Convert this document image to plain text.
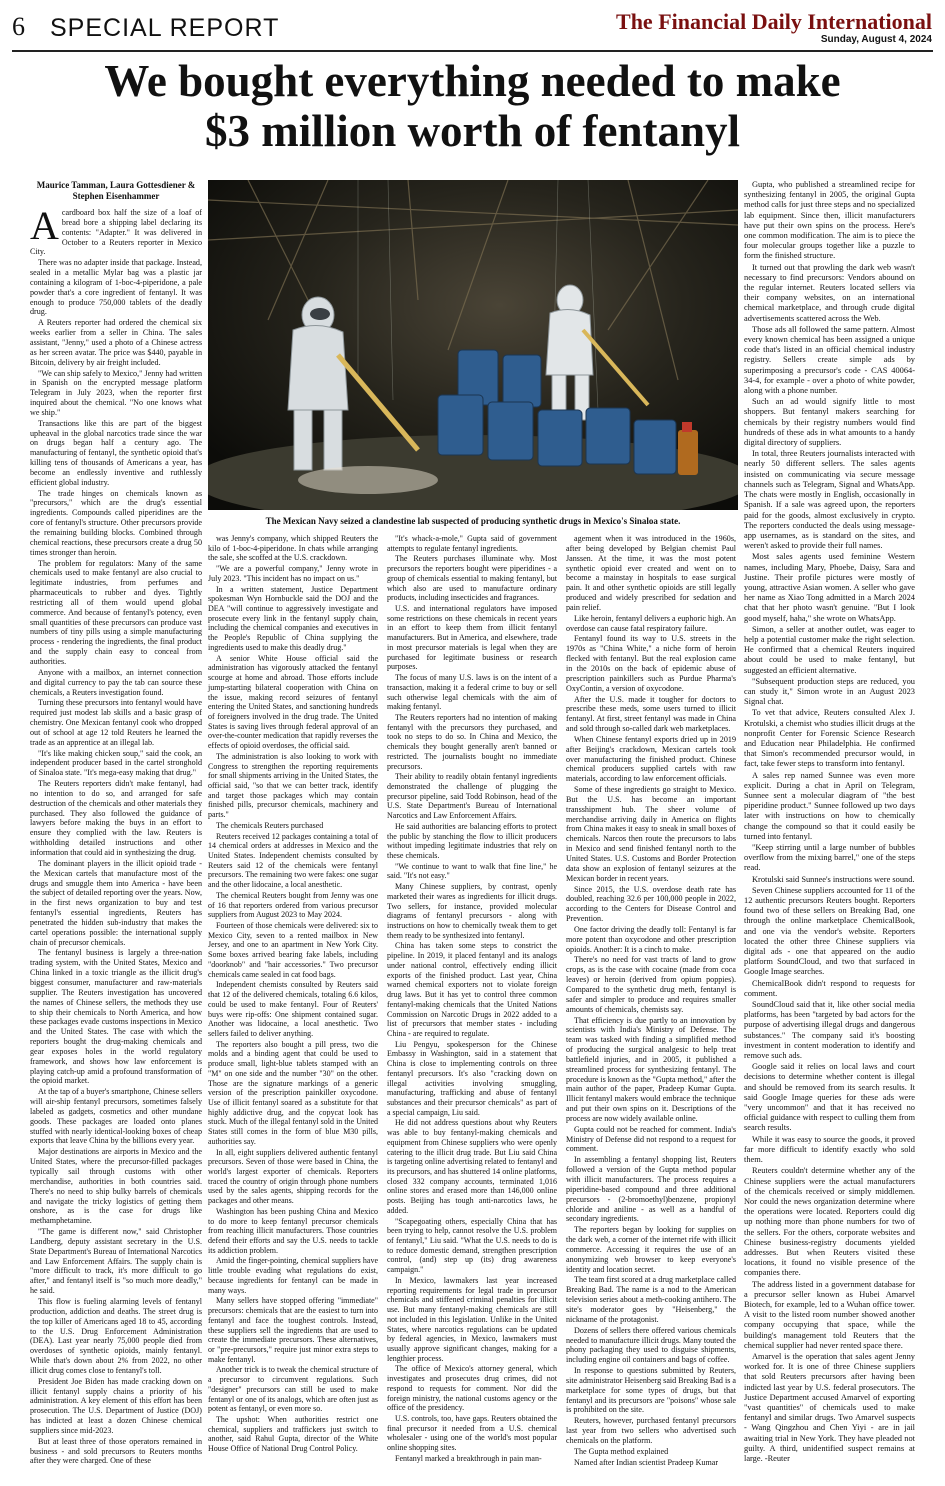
6 SPECIAL REPORT	The Financial Daily International
Sunday, August 4, 2024
We bought everything needed to make
$3 million worth of fentanyl
Maurice Tamman, Laura Gottesdiener & Stephen Eisenhammer
A cardboard box half the size of a loaf of bread bore a shipping label declaring its contents: "Adapter." It was delivered in October to a Reuters reporter in Mexico City.

There was no adapter inside that package. Instead, sealed in a metallic Mylar bag was a plastic jar containing a kilogram of 1-boc-4-piperidone, a pale powder that's a core ingredient of fentanyl. It was enough to produce 750,000 tablets of the deadly drug.

A Reuters reporter had ordered the chemical six weeks earlier from a seller in China. The sales assistant, "Jenny," used a photo of a Chinese actress as her screen avatar. The price was $440, payable in Bitcoin, delivery by air freight included.

"We can ship safely to Mexico," Jenny had written in Spanish on the encrypted message platform Telegram in July 2023, when the reporter first inquired about the chemical. "No one knows what we ship."

Transactions like this are part of the biggest upheaval in the global narcotics trade since the war on drugs began half a century ago. The manufacturing of fentanyl, the synthetic opioid that's killing tens of thousands of Americans a year, has become an endlessly inventive and ruthlessly efficient global industry.

The trade hinges on chemicals known as "precursors," which are the drug's essential ingredients. Compounds called piperidines are the core of fentanyl's structure. Other precursors provide the remaining building blocks. Combined through chemical reactions, these precursors create a drug 50 times stronger than heroin.

The problem for regulators: Many of the same chemicals used to make fentanyl are also crucial to legitimate industries, from perfumes and pharmaceuticals to rubber and dyes. Tightly restricting all of them would upend global commerce. And because of fentanyl's potency, even small quantities of these precursors can produce vast numbers of tiny pills using a simple manufacturing process - rendering the ingredients, the final product and the supply chain easy to conceal from authorities.

Anyone with a mailbox, an internet connection and digital currency to pay the tab can source these chemicals, a Reuters investigation found.

Turning these precursors into fentanyl would have required just modest lab skills and a basic grasp of chemistry. One Mexican fentanyl cook who dropped out of school at age 12 told Reuters he learned the trade as an apprentice at an illegal lab.

"It's like making chicken soup," said the cook, an independent producer based in the cartel stronghold of Sinaloa state. "It's mega-easy making that drug."

The Reuters reporters didn't make fentanyl, had no intention to do so, and arranged for safe destruction of the chemicals and other materials they purchased. They also followed the guidance of lawyers before making the buys in an effort to ensure they complied with the law. Reuters is withholding detailed instructions and other information that could aid in synthesizing the drug.

The dominant players in the illicit opioid trade - the Mexican cartels that manufacture most of the drugs and smuggle them into America - have been the subject of detailed reporting over the years. Now, in the first news organization to buy and test fentanyl's essential ingredients, Reuters has penetrated the hidden sub-industry that makes the cartel operations possible: the international supply chain of precursor chemicals.

The fentanyl business is largely a three-nation trading system, with the United States, Mexico and China linked in a toxic triangle as the illicit drug's biggest consumer, manufacturer and raw-materials supplier. The Reuters investigation has uncovered the names of Chinese sellers, the methods they use to ship their chemicals to North America, and how these packages evade customs inspections in Mexico and the United States. The case with which the reporters bought the drug-making chemicals and gear exposes holes in the world regulatory framework, and shows how law enforcement is playing catch-up amid a profound transformation of the opioid market.

At the tap of a buyer's smartphone, Chinese sellers will air-ship fentanyl precursors, sometimes falsely labeled as gadgets, cosmetics and other mundane goods. These packages are loaded onto planes stuffed with nearly identical-looking boxes of cheap exports that leave China by the billions every year.

Major destinations are airports in Mexico and the United States, where the precursor-filled packages typically sail through customs with other merchandise, authorities in both countries said. There's no need to ship bulky barrels of chemicals and navigate the tricky logistics of getting them onshore, as is the case for drugs like methamphetamine.

"The game is different now," said Christopher Landberg, deputy assistant secretary in the U.S. State Department's Bureau of International Narcotics and Law Enforcement Affairs. The supply chain is "more difficult to track, it's more difficult to go after," and fentanyl itself is "so much more deadly," he said.

This flow is fueling alarming levels of fentanyl production, addiction and deaths. The street drug is the top killer of Americans aged 18 to 45, according to the U.S. Drug Enforcement Administration (DEA). Last year nearly 75,000 people died from overdoses of synthetic opioids, mainly fentanyl. While that's down about 2% from 2022, no other illicit drug comes close to fentanyl's toll.

President Joe Biden has made cracking down on illicit fentanyl supply chains a priority of his administration. A key element of this effort has been prosecution. The U.S. Department of Justice (DOJ) has indicted at least a dozen Chinese chemical suppliers since mid-2023.

But at least three of those operators remained in business - and sold precursors to Reuters months after they were charged. One of these

The Mexican Navy seized a clandestine lab suspected of producing synthetic drugs in Mexico's Sinaloa state.

was Jenny's company, which shipped Reuters the kilo of 1-boc-4-piperidone. In chats while arranging the sale, she scoffed at the U.S. crackdown.

"We are a powerful company," Jenny wrote in July 2023. "This incident has no impact on us."

In a written statement, Justice Department spokesman Wyn Hornbuckle said the DOJ and the DEA "will continue to aggressively investigate and prosecute every link in the fentanyl supply chain, including the chemical companies and executives in the People's Republic of China supplying the ingredients used to make this deadly drug."

A senior White House official said the administration has vigorously attacked the fentanyl scourge at home and abroad. Those efforts include jump-starting bilateral cooperation with China on the issue, making record seizures of fentanyl entering the United States, and sanctioning hundreds of foreigners involved in the drug trade. The United States is saving lives through federal approval of an over-the-counter medication that rapidly reverses the effects of opioid overdoses, the official said.

The administration is also looking to work with Congress to strengthen the reporting requirements for small shipments arriving in the United States, the official said, "so that we can better track, identify and target those packages which may contain finished pills, precursor chemicals, machinery and parts."

The chemicals Reuters purchased

Reuters received 12 packages containing a total of 14 chemical orders at addresses in Mexico and the United States. Independent chemists consulted by Reuters said 12 of the chemicals were fentanyl precursors. The remaining two were fakes: one sugar and the other lidocaine, a local anesthetic.

The chemical Reuters bought from Jenny was one of 16 that reporters ordered from various precursor suppliers from August 2023 to May 2024.

Fourteen of those chemicals were delivered: six to Mexico City, seven to a rented mailbox in New Jersey, and one to an apartment in New York City. Some boxes arrived bearing fake labels, including "doorknob" and "hair accessories." Two precursor chemicals came sealed in cat food bags.

Independent chemists consulted by Reuters said that 12 of the delivered chemicals, totaling 6.6 kilos, could be used to make fentanyl. Four of Reuters' buys were rip-offs: One shipment contained sugar. Another was lidocaine, a local anesthetic. Two sellers failed to deliver anything.

The reporters also bought a pill press, two die molds and a binding agent that could be used to produce small, light-blue tablets stamped with an "M" on one side and the number "30" on the other. Those are the signature markings of a generic version of the prescription painkiller oxycodone. Use of illicit fentanyl soared as a substitute for that highly addictive drug, and the copycat look has stuck. Much of the illegal fentanyl sold in the United States still comes in the form of blue M30 pills, authorities say.

In all, eight suppliers delivered authentic fentanyl precursors. Seven of those were based in China, the world's largest exporter of chemicals. Reporters traced the country of origin through phone numbers used by the sales agents, shipping records for the packages and other means.

Washington has been pushing China and Mexico to do more to keep fentanyl precursor chemicals from reaching illicit manufacturers. Those countries defend their efforts and say the U.S. needs to tackle its addiction problem.

Amid the finger-pointing, chemical suppliers have little trouble evading what regulations do exist, because ingredients for fentanyl can be made in many ways.

Many sellers have stopped offering "immediate" precursors: chemicals that are the easiest to turn into fentanyl and face the toughest controls. Instead, these suppliers sell the ingredients that are used to create the immediate precursors. These alternatives, or "pre-precursors," require just minor extra steps to make fentanyl.

Another trick is to tweak the chemical structure of a precursor to circumvent regulations. Such "designer" precursors can still be used to make fentanyl or one of its analogs, which are often just as potent as fentanyl, or even more so.

The upshot: When authorities restrict one chemical, suppliers and traffickers just switch to another, said Rahul Gupta, director of the White House Office of National Drug Control Policy.

"It's whack-a-mole," Gupta said of government attempts to regulate fentanyl ingredients.

The Reuters purchases illuminate why. Most precursors the reporters bought were piperidines - a group of chemicals essential to making fentanyl, but which also are used to manufacture ordinary products, including insecticides and fragrances.

U.S. and international regulators have imposed some restrictions on these chemicals in recent years in an effort to keep them from illicit fentanyl manufacturers. But in America, and elsewhere, trade in most precursor materials is legal when they are purchased for legitimate business or research purposes.

The focus of many U.S. laws is on the intent of a transaction, making it a federal crime to buy or sell such otherwise legal chemicals with the aim of making fentanyl.

The Reuters reporters had no intention of making fentanyl with the precursors they purchased, and took no steps to do so. In China and Mexico, the chemicals they bought generally aren't banned or restricted. The journalists bought no immediate precursors.

Their ability to readily obtain fentanyl ingredients demonstrated the challenge of plugging the precursor pipeline, said Todd Robinson, head of the U.S. State Department's Bureau of International Narcotics and Law Enforcement Affairs.

He said authorities are balancing efforts to protect the public by stanching the flow to illicit producers without impeding legitimate industries that rely on these chemicals.

"We continue to want to walk that fine line," he said. "It's not easy."

Many Chinese suppliers, by contrast, openly marketed their wares as ingredients for illicit drugs. Two sellers, for instance, provided molecular diagrams of fentanyl precursors - along with instructions on how to chemically tweak them to get them ready to be synthesized into fentanyl.

China has taken some steps to constrict the pipeline. In 2019, it placed fentanyl and its analogs under national control, effectively ending illicit exports of the finished product. Last year, China warned chemical exporters not to violate foreign drug laws. But it has yet to control three common fentanyl-making chemicals that the United Nations Commission on Narcotic Drugs in 2022 added to a list of precursors that member states - including China - are required to regulate.

Liu Pengyu, spokesperson for the Chinese Embassy in Washington, said in a statement that China is close to implementing controls on three fentanyl precursors. It's also "cracking down on illegal activities involving smuggling, manufacturing, trafficking and abuse of fentanyl substances and their precursor chemicals" as part of a special campaign, Liu said.

He did not address questions about why Reuters was able to buy fentanyl-making chemicals and equipment from Chinese suppliers who were openly catering to the illicit drug trade. But Liu said China is targeting online advertising related to fentanyl and its precursors, and has shuttered 14 online platforms, closed 332 company accounts, terminated 1,016 online stores and erased more than 146,000 online posts. Beijing has tough anti-narcotics laws, he added.

"Scapegoating others, especially China that has been trying to help, cannot resolve the U.S. problem of fentanyl," Liu said. "What the U.S. needs to do is to reduce domestic demand, strengthen prescription control, (and) step up (its) drug awareness campaign."

In Mexico, lawmakers last year increased reporting requirements for legal trade in precursor chemicals and stiffened criminal penalties for illicit use. But many fentanyl-making chemicals are still not included in this legislation. Unlike in the United States, where narcotics regulations can be updated by federal agencies, in Mexico, lawmakers must usually approve significant changes, making for a lengthier process.

The office of Mexico's attorney general, which investigates and prosecutes drug crimes, did not respond to requests for comment. Nor did the foreign ministry, the national customs agency or the office of the presidency.

U.S. controls, too, have gaps. Reuters obtained the final precursor it needed from a U.S. chemical wholesaler - using one of the world's most popular online shopping sites.

Fentanyl marked a breakthrough in pain man-

agement when it was introduced in the 1960s, after being developed by Belgian chemist Paul Janssen. At the time, it was the most potent synthetic opioid ever created and went on to become a mainstay in hospitals to ease surgical pain. It and other synthetic opioids are still legally produced and widely prescribed for sedation and pain relief.

Like heroin, fentanyl delivers a euphoric high. An overdose can cause fatal respiratory failure.

Fentanyl found its way to U.S. streets in the 1970s as "China White," a niche form of heroin flecked with fentanyl. But the real explosion came in the 2010s on the back of epidemic abuse of prescription painkillers such as Purdue Pharma's OxyContin, a version of oxycodone.

After the U.S. made it tougher for doctors to prescribe these meds, some users turned to illicit fentanyl. At first, street fentanyl was made in China and sold through so-called dark web marketplaces.

When Chinese fentanyl exports dried up in 2019 after Beijing's crackdown, Mexican cartels took over manufacturing the finished product. Chinese chemical producers supplied cartels with raw materials, according to law enforcement officials.

Some of these ingredients go straight to Mexico. But the U.S. has become an important transshipment hub. The sheer volume of merchandise arriving daily in America on flights from China makes it easy to sneak in small boxes of chemicals. Narcos then route the precursors to labs in Mexico and send finished fentanyl north to the United States. U.S. Customs and Border Protection data show an explosion of fentanyl seizures at the Mexican border in recent years.

Since 2015, the U.S. overdose death rate has doubled, reaching 32.6 per 100,000 people in 2022, according to the Centers for Disease Control and Prevention.

One factor driving the deadly toll: Fentanyl is far more potent than oxycodone and other prescription opioids. Another: It is a cinch to make.

There's no need for vast tracts of land to grow crops, as is the case with cocaine (made from coca leaves) or heroin (derived from opium poppies). Compared to the synthetic drug meth, fentanyl is safer and simpler to produce and requires smaller amounts of chemicals, chemists say.

That efficiency is due partly to an innovation by scientists with India's Ministry of Defense. The team was tasked with finding a simplified method of producing the surgical analgesic to help treat battlefield injuries, and in 2005, it published a streamlined process for synthesizing fentanyl. The procedure is known as the "Gupta method," after the main author of the paper, Pradeep Kumar Gupta. Illicit fentanyl makers would embrace the technique and put their own spins on it. Descriptions of the process are now widely available online.

Gupta could not be reached for comment. India's Ministry of Defense did not respond to a request for comment.

In assembling a fentanyl shopping list, Reuters followed a version of the Gupta method popular with illicit manufacturers. The process requires a piperidine-based compound and three additional precursors - (2-bromoethyl)benzene, propionyl chloride and aniline - as well as a handful of secondary ingredients.

The reporters began by looking for supplies on the dark web, a corner of the internet rife with illicit commerce. Accessing it requires the use of an anonymizing web browser to keep everyone's identity and location secret.

The team first scored at a drug marketplace called Breaking Bad. The name is a nod to the American television series about a meth-cooking antihero. The site's moderator goes by "Heisenberg," the nickname of the protagonist.

Dozens of sellers there offered various chemicals needed to manufacture illicit drugs. Many touted the phony packaging they used to disguise shipments, including engine oil containers and bags of coffee.

In response to questions submitted by Reuters, site administrator Heisenberg said Breaking Bad is a marketplace for some types of drugs, but that fentanyl and its precursors are "poisons" whose sale is prohibited on the site.

Reuters, however, purchased fentanyl precursors last year from two sellers who advertised such chemicals on the platform.

The Gupta method explained

Named after Indian scientist Pradeep Kumar

Gupta, who published a streamlined recipe for synthesizing fentanyl in 2005, the original Gupta method calls for just three steps and no specialized lab equipment. Since then, illicit manufacturers have put their own spins on the process. Here's one common modification. The aim is to piece the four molecular groups together like a puzzle to form the finished structure.

It turned out that prowling the dark web wasn't necessary to find precursors: Vendors abound on the regular internet. Reuters located sellers via their company websites, on an international chemical marketplace, and through crude digital advertisements scattered across the Web.

Those ads all followed the same pattern. Almost every known chemical has been assigned a unique code that's listed in an official chemical industry registry. Sellers create simple ads by superimposing a precursor's code - CAS 40064-34-4, for example - over a photo of white powder, along with a phone number.

Such an ad would signify little to most shoppers. But fentanyl makers searching for chemicals by their registry numbers would find hundreds of these ads in what amounts to a handy digital directory of suppliers.

In total, three Reuters journalists interacted with nearly 50 different sellers. The sales agents insisted on communicating via secure message channels such as Telegram, Signal and WhatsApp. The chats were mostly in English, occasionally in Spanish. If a sale was agreed upon, the reporters paid for the goods, almost exclusively in crypto. The reporters conducted the deals using message-app usernames, as is standard on the sites, and weren't asked to provide their full names.

Most sales agents used feminine Western names, including Mary, Phoebe, Daisy, Sara and Justine. Their profile pictures were mostly of young, attractive Asian women. A seller who gave her name as Xiao Tong admitted in a March 2024 chat that her photo wasn't genuine. "But I look good myself, haha," she wrote on WhatsApp.

Simon, a seller at another outlet, was eager to help a potential customer make the right selection. He confirmed that a chemical Reuters inquired about could be used to make fentanyl, but suggested an efficient alternative.

"Subsequent production steps are reduced, you can study it," Simon wrote in an August 2023 Signal chat.

To vet that advice, Reuters consulted Alex J. Krotulski, a chemist who studies illicit drugs at the nonprofit Center for Forensic Science Research and Education near Philadelphia. He confirmed that Simon's recommended precursor would, in fact, take fewer steps to transform into fentanyl.

A sales rep named Sunnee was even more explicit. During a chat in April on Telegram, Sunnee sent a molecular diagram of "the best piperidine product." Sunnee followed up two days later with instructions on how to chemically change the compound so that it could easily be turned into fentanyl.

"Keep stirring until a large number of bubbles overflow from the mixing barrel," one of the steps read.

Krotulski said Sunnee's instructions were sound.

Seven Chinese suppliers accounted for 11 of the 12 authentic precursors Reuters bought. Reporters found two of these sellers on Breaking Bad, one through the online marketplace ChemicalBook, and one via the vendor's website. Reporters located the other three Chinese suppliers via digital ads - one that appeared on the audio platform SoundCloud, and two that surfaced in Google Image searches.

ChemicalBook didn't respond to requests for comment.

SoundCloud said that it, like other social media platforms, has been "targeted by bad actors for the purpose of advertising illegal drugs and dangerous substances." The company said it's boosting investment in content moderation to identify and remove such ads.

Google said it relies on local laws and court decisions to determine whether content is illegal and should be removed from its search results. It said Google Image queries for these ads were "very uncommon" and that it has received no official guidance with respect to culling them from search results.

While it was easy to source the goods, it proved far more difficult to identify exactly who sold them.

Reuters couldn't determine whether any of the Chinese suppliers were the actual manufacturers of the chemicals received or simply middlemen. Nor could the news organization determine where the operations were located. Reporters could dig up nothing more than phone numbers for two of the sellers. For the others, corporate websites and Chinese business-registry documents yielded addresses. But when Reuters visited these locations, it found no visible presence of the companies there.

The address listed in a government database for a precursor seller known as Hubei Amarvel Biotech, for example, led to a Wuhan office tower. A visit to the listed room number showed another company occupying that space, while the building's management told Reuters that the chemical supplier had never rented space there.

Amarvel is the operation that sales agent Jenny worked for. It is one of three Chinese suppliers that sold Reuters precursors after having been indicted last year by U.S. federal prosecutors. The Justice Department accused Amarvel of exporting "vast quantities" of chemicals used to make fentanyl and similar drugs. Two Amarvel suspects - Wang Qingzhou and Chen Yiyi - are in jail awaiting trial in New York. They have pleaded not guilty. A third, unidentified suspect remains at large. -Reuter
